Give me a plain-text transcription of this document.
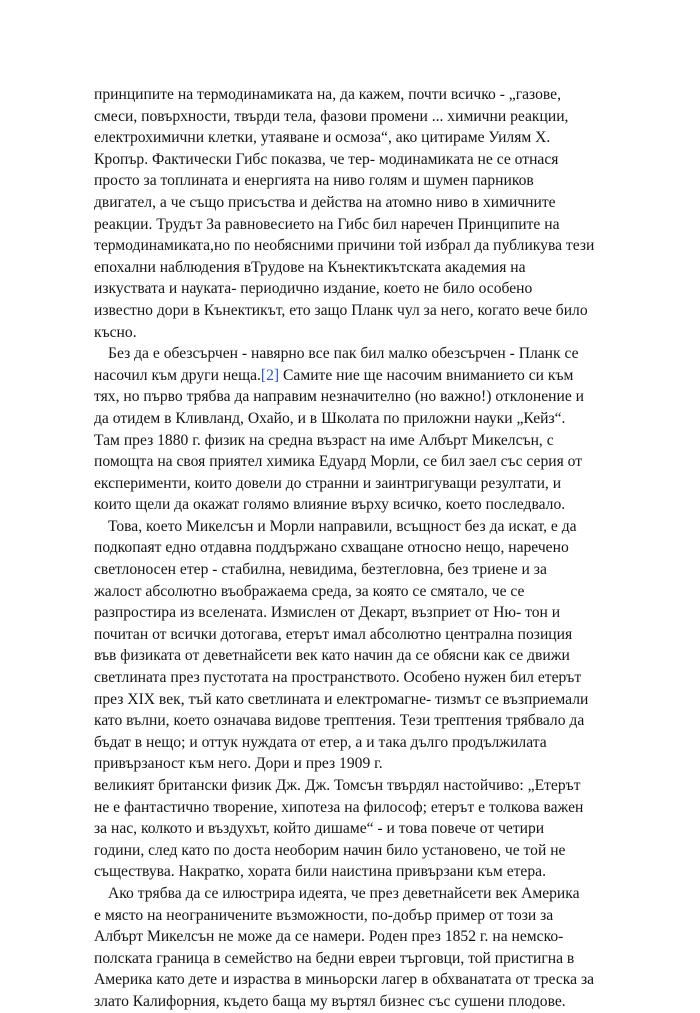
принципите на термодинамиката на, да кажем, почти всичко - „газове,
смеси, повърхности, твърди тела, фазови промени ... химични реакции,
електрохимични клетки, утаяване и осмоза“, ако цитираме Уилям Х.
Кропър. Фактически Гибс показва, че тер- модинамиката не се отнася
просто за топлината и енергията на ниво голям и шумен парников
двигател, а че също присъства и действа на атомно ниво в химичните
реакции. Трудът За равновесието на Гибс бил наречен Принципите на
термодинамиката,но по необясними причини той избрал да публикува тези
епохални наблюдения вТрудове на Кънектикътската академия на
изкуствата и науката- периодично издание, което не било особено
известно дори в Кънектикът, ето защо Планк чул за него, когато вече било
късно.
Без да е обезсърчен - навярно все пак бил малко обезсърчен - Планк се
насочил към други неща.[2] Самите ние ще насочим вниманието си към
тях, но първо трябва да направим незначително (но важно!) отклонение и
да отидем в Кливланд, Охайо, и в Школата по приложни науки „Кейз“.
Там през 1880 г. физик на средна възраст на име Албърт Микелсън, с
помощта на своя приятел химика Едуард Морли, се бил заел със серия от
експерименти, които довели до странни и заинтригуващи резултати, и
които щели да окажат голямо влияние върху всичко, което последвало.
Това, което Микелсън и Морли направили, всъщност без да искат, е да
подкопаят едно отдавна поддържано схващане относно нещо, наречено
светлоносен етер - стабилна, невидима, безтегловна, без триене и за
жалост абсолютно въображаема среда, за която се смятало, че се
разпростира из вселената. Измислен от Декарт, възприет от Ню- тон и
почитан от всички дотогава, етерът имал абсолютно централна позиция
във физиката от деветнайсети век като начин да се обясни как се движи
светлината през пустотата на пространството. Особено нужен бил етерът
през XIX век, тъй като светлината и електромагне- тизмът се възприемали
като вълни, което означава видове трептения. Тези трептения трябвало да
бъдат в нещо; и оттук нуждата от етер, а и така дълго продължилата
привързаност към него. Дори и през 1909 г.
великият британски физик Дж. Дж. Томсън твърдял настойчиво: „Етерът
не е фантастично творение, хипотеза на философ; етерът е толкова важен
за нас, колкото и въздухът, който дишаме“ - и това повече от четири
години, след като по доста необорим начин било установено, че той не
съществува. Накратко, хората били наистина привързани към етера.
Ако трябва да се илюстрира идеята, че през деветнайсети век Америка
е място на неограничените възможности, по-добър пример от този за
Албърт Микелсън не може да се намери. Роден през 1852 г. на немско-
полската граница в семейство на бедни евреи търговци, той пристигна в
Америка като дете и израства в миньорски лагер в обхванатата от треска за
злато Калифорния, където баща му въртял бизнес със сушени плодове.
